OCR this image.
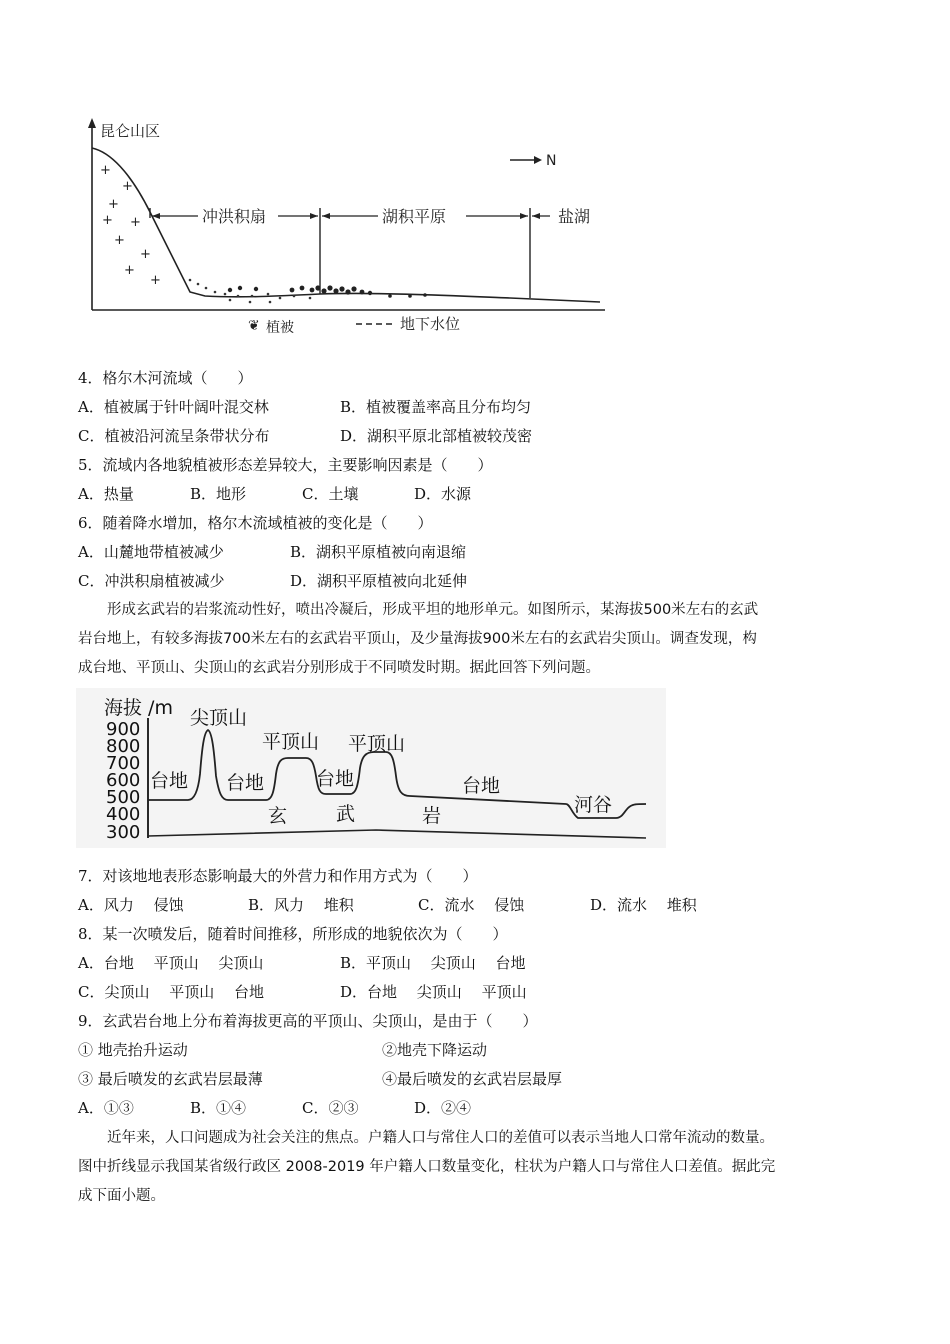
昆仑山区
+
+
+
+
+
+
+
+
+	冲洪积扇	湖积平原	盐湖
N
❦ 植被	地下水位
4．格尔木河流域（　　）
A．植被属于针叶阔叶混交林	B．植被覆盖率高且分布均匀
C．植被沿河流呈条带状分布	D．湖积平原北部植被较茂密
5．流域内各地貌植被形态差异较大，主要影响因素是（　　）
A．热量	B．地形	C．土壤	D．水源
6．随着降水增加，格尔木流域植被的变化是（　　）
A．山麓地带植被减少	B．湖积平原植被向南退缩
C．冲洪积扇植被减少	D．湖积平原植被向北延伸
形成玄武岩的岩浆流动性好，喷出冷凝后，形成平坦的地形单元。如图所示，某海拔500米左右的玄武
岩台地上，有较多海拔700米左右的玄武岩平顶山，及少量海拔900米左右的玄武岩尖顶山。调查发现，构
成台地、平顶山、尖顶山的玄武岩分别形成于不同喷发时期。据此回答下列问题。
海拔 /m
900
800
700
600
500
400
300
台地
尖顶山
台地
平顶山
台地
平顶山
台地
河谷
玄	武	岩
7．对该地地表形态影响最大的外营力和作用方式为（　　）
A．风力　 侵蚀	B．风力　 堆积	C．流水　 侵蚀	D．流水　 堆积
8．某一次喷发后，随着时间推移，所形成的地貌依次为（　　）
A．台地　 平顶山　 尖顶山	B．平顶山　 尖顶山　 台地
C．尖顶山　 平顶山　 台地	D．台地　 尖顶山　 平顶山
9．玄武岩台地上分布着海拔更高的平顶山、尖顶山，是由于（　　）
① 地壳抬升运动	②地壳下降运动
③ 最后喷发的玄武岩层最薄	④最后喷发的玄武岩层最厚
A．①③	B．①④	C．②③	D．②④
近年来，人口问题成为社会关注的焦点。户籍人口与常住人口的差值可以表示当地人口常年流动的数量。
图中折线显示我国某省级行政区 2008-2019 年户籍人口数量变化，柱状为户籍人口与常住人口差值。据此完
成下面小题。
